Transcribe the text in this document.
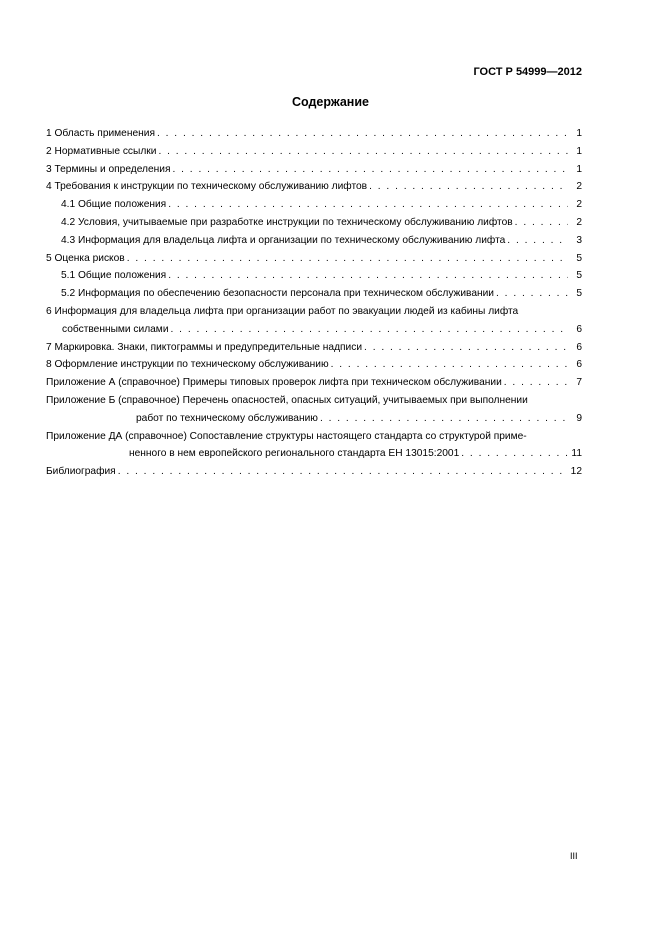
ГОСТ Р 54999—2012
Содержание
1 Область применения . . .	1
2 Нормативные ссылки . . .	1
3 Термины и определения . . .	1
4 Требования к инструкции по техническому обслуживанию лифтов . . .	2
4.1 Общие положения . . .	2
4.2 Условия, учитываемые при разработке инструкции по техническому обслуживанию лифтов . . .	2
4.3 Информация для владельца лифта и организации по техническому обслуживанию лифта . . .	3
5 Оценка рисков . . .	5
5.1 Общие положения . . .	5
5.2 Информация по обеспечению безопасности персонала при техническом обслуживании . . .	5
6 Информация для владельца лифта при организации работ по эвакуации людей из кабины лифта
собственными силами . . .	6
7 Маркировка. Знаки, пиктограммы и предупредительные надписи . . .	6
8 Оформление инструкции по техническому обслуживанию . . .	6
Приложение А (справочное) Примеры типовых проверок лифта при техническом обслуживании . . .	7
Приложение Б (справочное) Перечень опасностей, опасных ситуаций, учитываемых при выполнении
работ по техническому обслуживанию . . .	9
Приложение ДА (справочное) Сопоставление структуры настоящего стандарта со структурой приме-
ненного в нем европейского регионального стандарта ЕН 13015:2001 . . .	11
Библиография . . .	12
III
